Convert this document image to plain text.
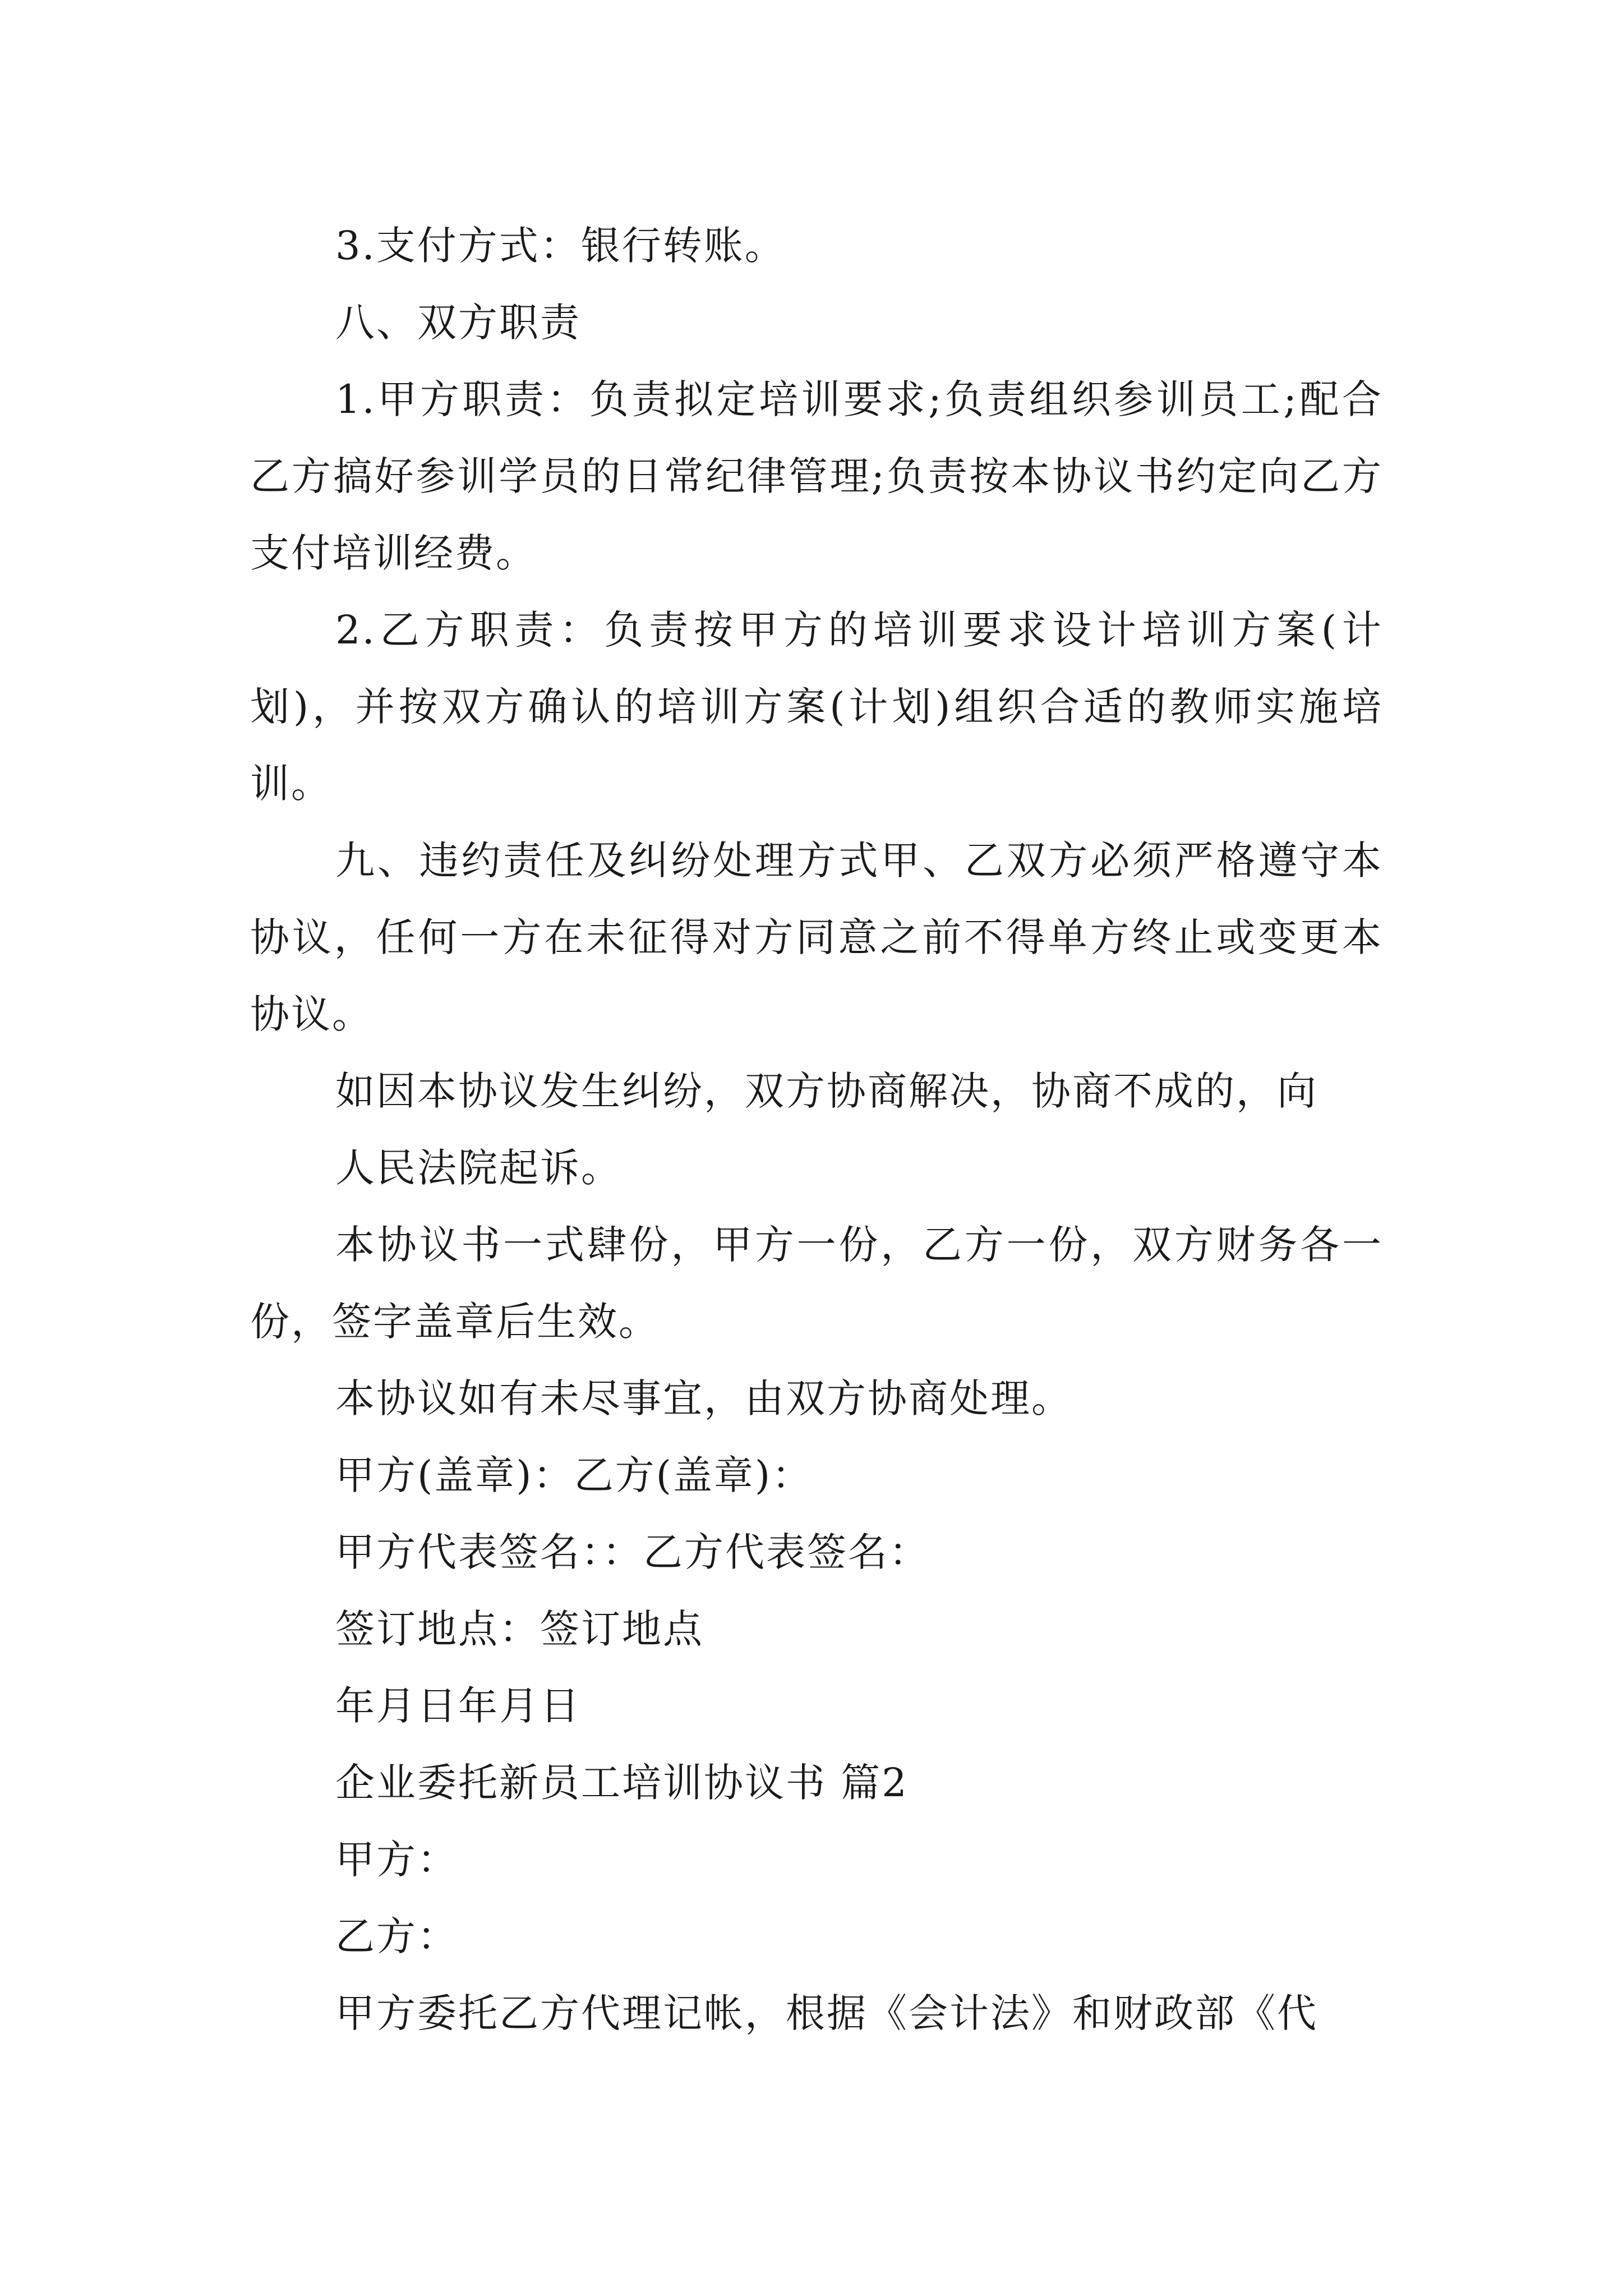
3.支付方式：银行转账。

八、双方职责

1.甲方职责：负责拟定培训要求;负责组织参训员工;配合乙方搞好参训学员的日常纪律管理;负责按本协议书约定向乙方支付培训经费。

2.乙方职责：负责按甲方的培训要求设计培训方案(计划)，并按双方确认的培训方案(计划)组织合适的教师实施培训。

九、违约责任及纠纷处理方式甲、乙双方必须严格遵守本协议，任何一方在未征得对方同意之前不得单方终止或变更本协议。

如因本协议发生纠纷，双方协商解决，协商不成的，向

人民法院起诉。

本协议书一式肆份，甲方一份，乙方一份，双方财务各一份，签字盖章后生效。

本协议如有未尽事宜，由双方协商处理。

甲方(盖章)：乙方(盖章)：

甲方代表签名：：乙方代表签名：

签订地点：签订地点

年月日年月日

企业委托新员工培训协议书 篇2

甲方：

乙方：

甲方委托乙方代理记帐，根据《会计法》和财政部《代
